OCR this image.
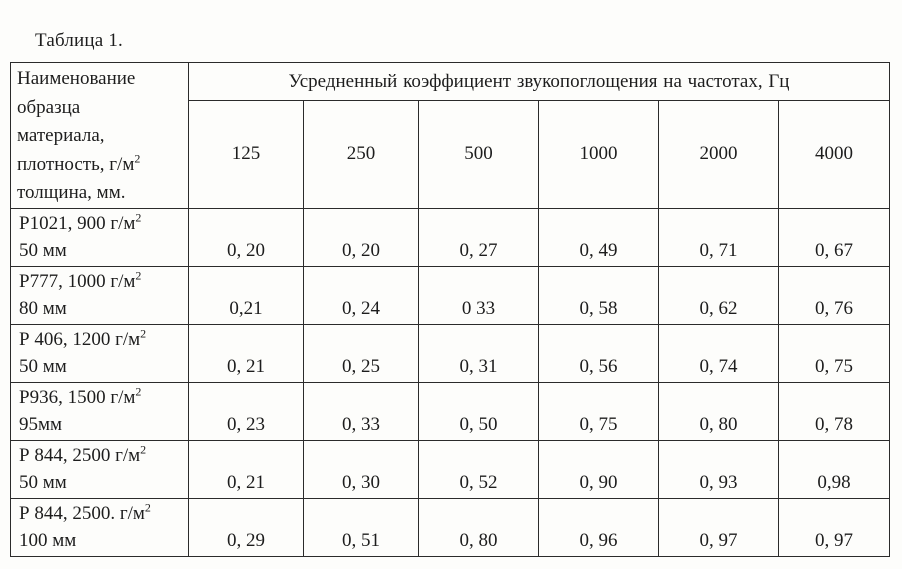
Таблица 1.
Наименование
образца
материала,
плотность, $г/м^2$
толщина, мм.	Усредненный коэффициент звукопоглощения на частотах, Гц					
	125	250	500	1000	2000	4000
Р1021, 900 $г/м^2$
50 мм	0, 20	0, 20	0, 27	0, 49	0, 71	0, 67
Р777, 1000 $г/м^2$
80 мм	0,21	0, 24	0 33	0, 58	0, 62	0, 76
Р 406, 1200 $г/м^2$
50 мм	0, 21	0, 25	0, 31	0, 56	0, 74	0, 75
Р936, 1500 $г/м^2$
95мм	0, 23	0, 33	0, 50	0, 75	0, 80	0, 78
Р 844, 2500 $г/м^2$
50 мм	0, 21	0, 30	0, 52	0, 90	0, 93	0,98
Р 844, 2500. $г/м^2$
100 мм	0, 29	0, 51	0, 80	0, 96	0, 97	0, 97
